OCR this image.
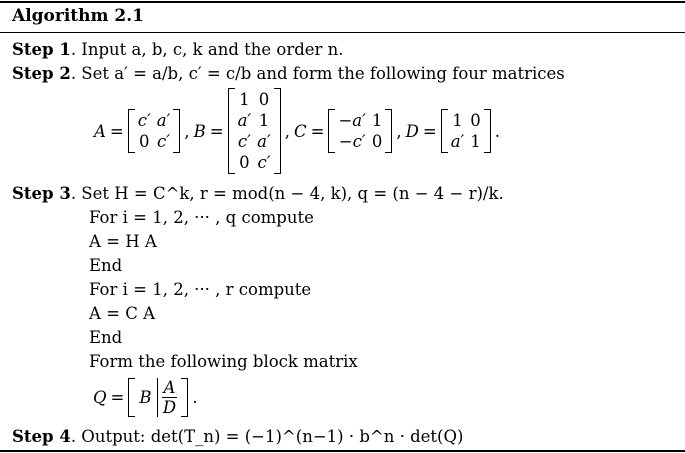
Algorithm 2.1
Step 1. Input a, b, c, k and the order n.
Step 2. Set a′ = a/b, c′ = c/b and form the following four matrices
A =
c′ a′
0 c′
, B =
1 0
a′ 1
c′ a′
0 c′
, C =
−a′ 1
−c′ 0
, D =
1 0
a′ 1
.
Step 3. Set H = C^k, r = mod(n − 4, k), q = (n − 4 − r)/k.
For i = 1, 2, ··· , q compute
A = H A
End
For i = 1, 2, ··· , r compute
A = C A
End
Form the following block matrix
Q = B $\frac{A}{D}$ .
Step 4. Output: det(T_n) = (−1)^(n−1) · b^n · det(Q)
